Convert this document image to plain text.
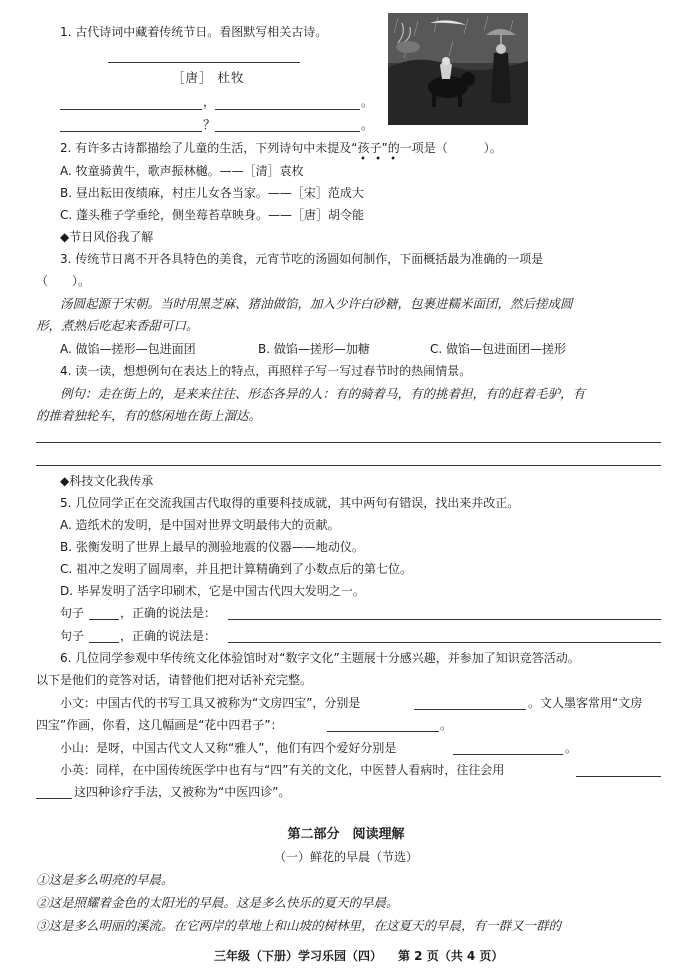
1. 古代诗词中藏着传统节日。看图默写相关古诗。
［唐］ 杜牧
，	。
？	。
2. 有许多古诗都描绘了儿童的生活，下列诗句中未提及“孩子”的一项是（　　　）。
• • •
A. 牧童骑黄牛，歌声振林樾。——［清］袁枚
B. 昼出耘田夜绩麻，村庄儿女各当家。——［宋］范成大
C. 蓬头稚子学垂纶，侧坐莓苔草映身。——［唐］胡令能
◆节日风俗我了解
3. 传统节日离不开各具特色的美食，元宵节吃的汤圆如何制作，下面概括最为准确的一项是
（　　）。
汤圆起源于宋朝。当时用黑芝麻、猪油做馅，加入少许白砂糖，包裹进糯米面团，然后搓成圆
形，煮熟后吃起来香甜可口。
A. 做馅—搓形—包进面团	B. 做馅—搓形—加糖	C. 做馅—包进面团—搓形
4. 读一读，想想例句在表达上的特点，再照样子写一写过春节时的热闹情景。
例句：走在街上的，是来来往往、形态各异的人：有的骑着马，有的挑着担，有的赶着毛驴，有
的推着独轮车，有的悠闲地在街上溜达。
◆科技文化我传承
5. 几位同学正在交流我国古代取得的重要科技成就，其中两句有错误，找出来并改正。
A. 造纸术的发明，是中国对世界文明最伟大的贡献。
B. 张衡发明了世界上最早的测验地震的仪器——地动仪。
C. 祖冲之发明了圆周率，并且把计算精确到了小数点后的第七位。
D. 毕昇发明了活字印刷术，它是中国古代四大发明之一。
句子	，正确的说法是：
句子	，正确的说法是：
6. 几位同学参观中华传统文化体验馆时对“数字文化”主题展十分感兴趣，并参加了知识竞答活动。
以下是他们的竞答对话，请替他们把对话补充完整。
小文：中国古代的书写工具又被称为“文房四宝”，分别是	。文人墨客常用“文房
四宝”作画，你看，这几幅画是“花中四君子”：	。
小山：是呀，中国古代文人又称“雅人”，他们有四个爱好分别是	。
小英：同样，在中国传统医学中也有与“四”有关的文化，中医替人看病时，往往会用
这四种诊疗手法，又被称为“中医四诊”。
第二部分　阅读理解
（一）鲜花的早晨（节选）
①这是多么明亮的早晨。
②这是照耀着金色的太阳光的早晨。这是多么快乐的夏天的早晨。
③这是多么明丽的溪流。在它两岸的草地上和山坡的树林里，在这夏天的早晨，有一群又一群的
三年级（下册）学习乐园（四） 第 2 页（共 4 页）
